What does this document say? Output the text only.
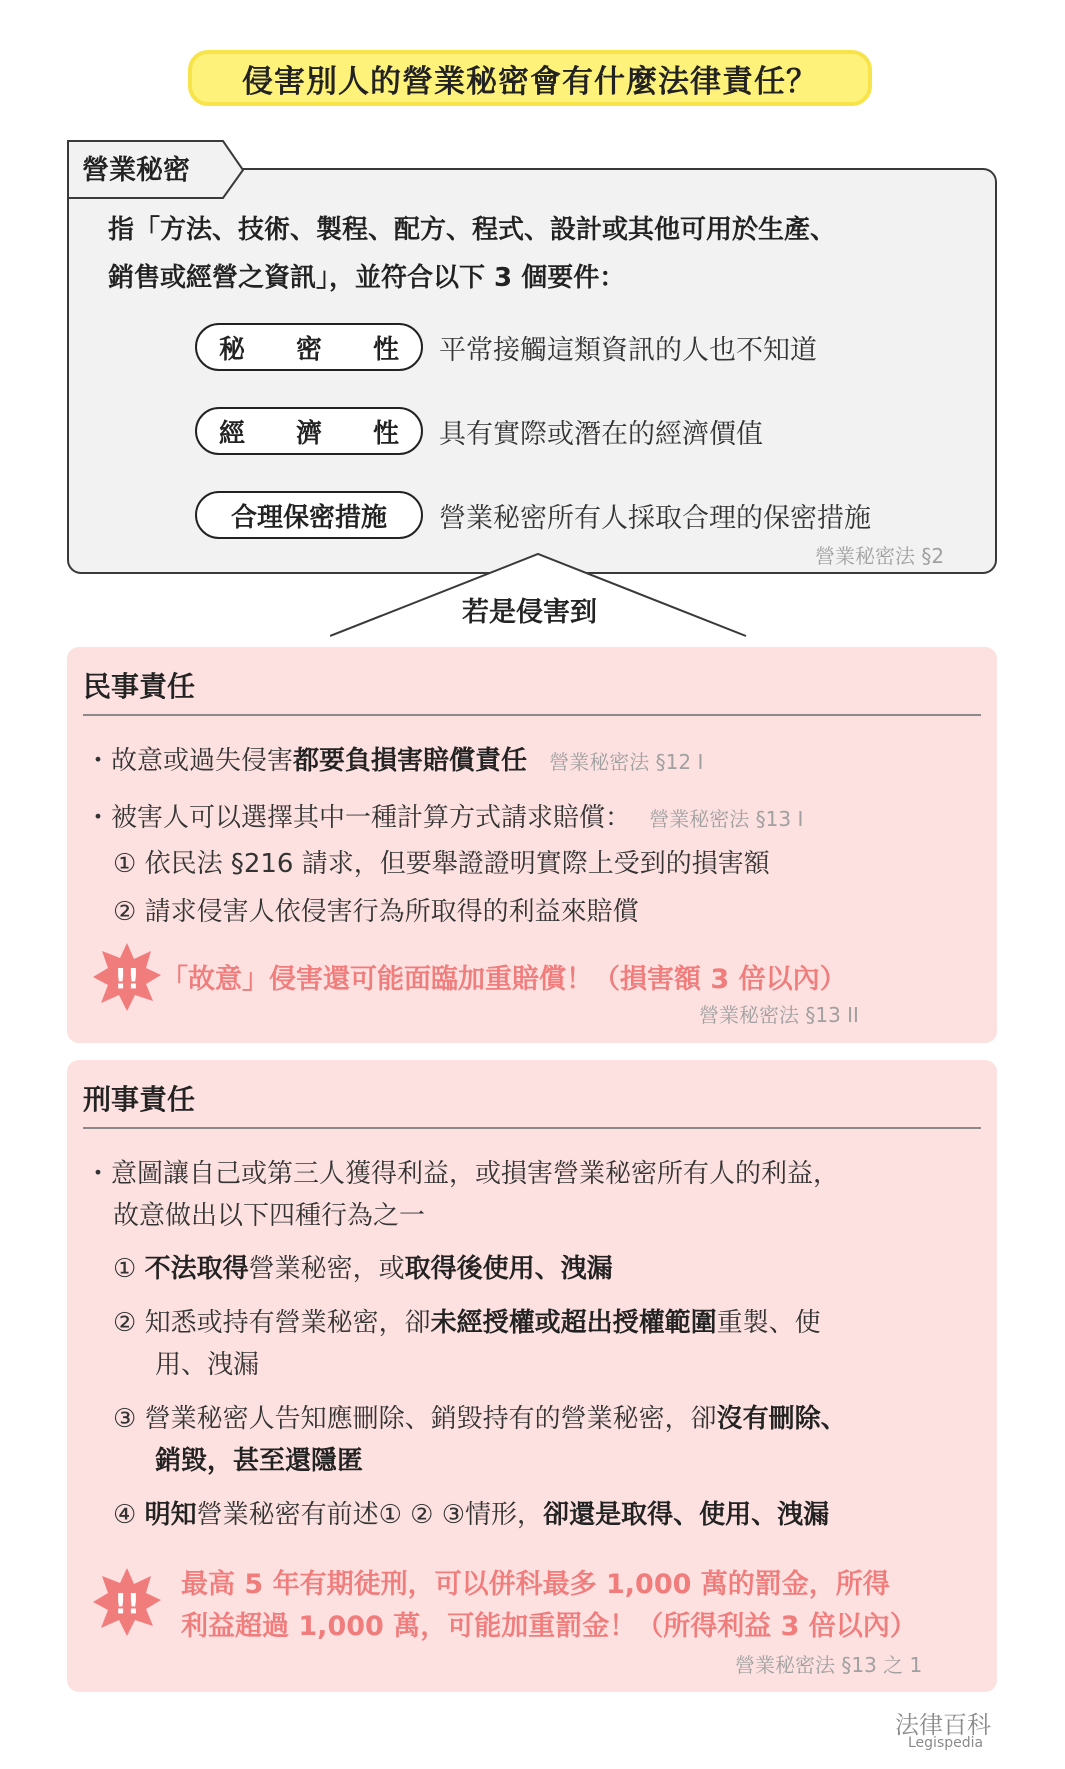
侵害別人的營業秘密會有什麼法律責任？
營業秘密
指「方法、技術、製程、配方、程式、設計或其他可用於生產、
銷售或經營之資訊」，並符合以下 3 個要件：
秘 密 性 平常接觸這類資訊的人也不知道
經 濟 性 具有實際或潛在的經濟價值
合理保密措施	營業秘密所有人採取合理的保密措施
營業秘密法 §2
若是侵害到
民事責任
・故意或過失侵害都要負損害賠償責任 營業秘密法 §12 I
・被害人可以選擇其中一種計算方式請求賠償： 營業秘密法 §13 I
① 依民法 §216 請求，但要舉證證明實際上受到的損害額
② 請求侵害人依侵害行為所取得的利益來賠償
!! 「故意」侵害還可能面臨加重賠償！（損害額 3 倍以內）
營業秘密法 §13 II
刑事責任
・意圖讓自己或第三人獲得利益，或損害營業秘密所有人的利益，
故意做出以下四種行為之一
① 不法取得營業秘密，或取得後使用、洩漏
② 知悉或持有營業秘密，卻未經授權或超出授權範圍重製、使
用、洩漏
③ 營業秘密人告知應刪除、銷毀持有的營業秘密，卻沒有刪除、
銷毀，甚至還隱匿
④ 明知營業秘密有前述① ② ③情形，卻還是取得、使用、洩漏
!!
最高 5 年有期徒刑，可以併科最多 1,000 萬的罰金，所得
利益超過 1,000 萬，可能加重罰金！（所得利益 3 倍以內）
營業秘密法 §13 之 1
法律百科
Legispedia
